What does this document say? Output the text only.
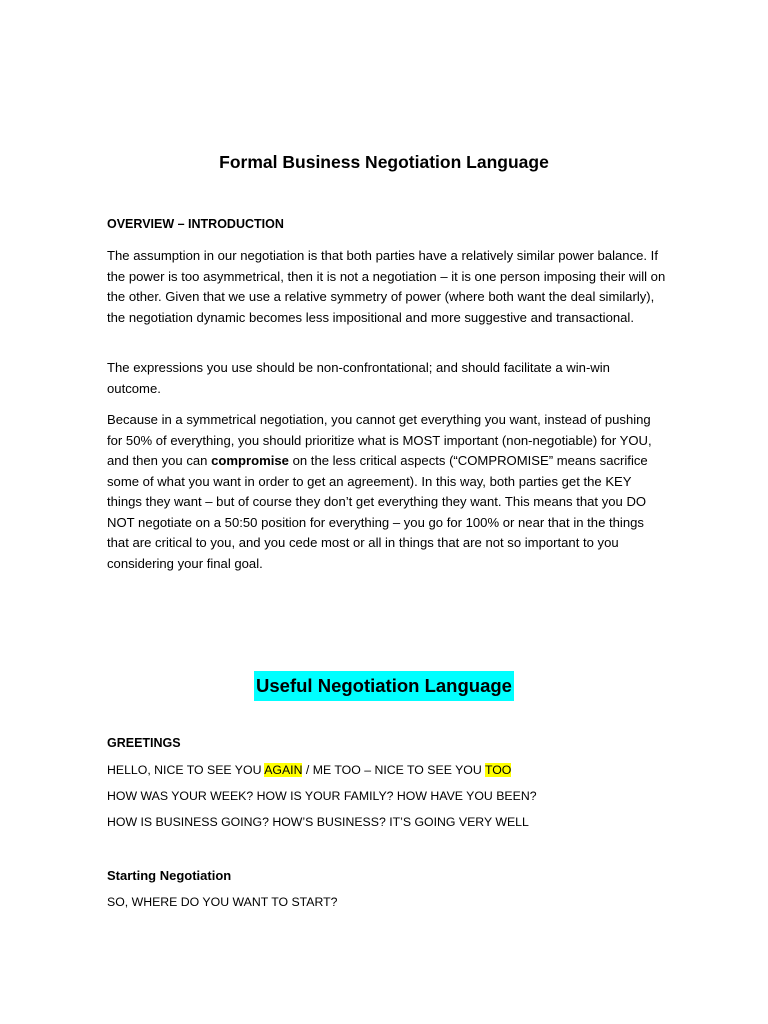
Formal Business Negotiation Language

OVERVIEW – INTRODUCTION

The assumption in our negotiation is that both parties have a relatively similar power balance. If the power is too asymmetrical, then it is not a negotiation – it is one person imposing their will on the other. Given that we use a relative symmetry of power (where both want the deal similarly), the negotiation dynamic becomes less impositional and more suggestive and transactional.

The expressions you use should be non-confrontational; and should facilitate a win-win outcome.

Because in a symmetrical negotiation, you cannot get everything you want, instead of pushing for 50% of everything, you should prioritize what is MOST important (non-negotiable) for YOU, and then you can compromise on the less critical aspects (“COMPROMISE” means sacrifice some of what you want in order to get an agreement). In this way, both parties get the KEY things they want – but of course they don’t get everything they want. This means that you DO NOT negotiate on a 50:50 position for everything – you go for 100% or near that in the things that are critical to you, and you cede most or all in things that are not so important to you considering your final goal.

Useful Negotiation Language

GREETINGS

HELLO, NICE TO SEE YOU AGAIN / ME TOO – NICE TO SEE YOU TOO

HOW WAS YOUR WEEK? HOW IS YOUR FAMILY? HOW HAVE YOU BEEN?

HOW IS BUSINESS GOING? HOW’S BUSINESS? IT’S GOING VERY WELL

Starting Negotiation

SO, WHERE DO YOU WANT TO START?
